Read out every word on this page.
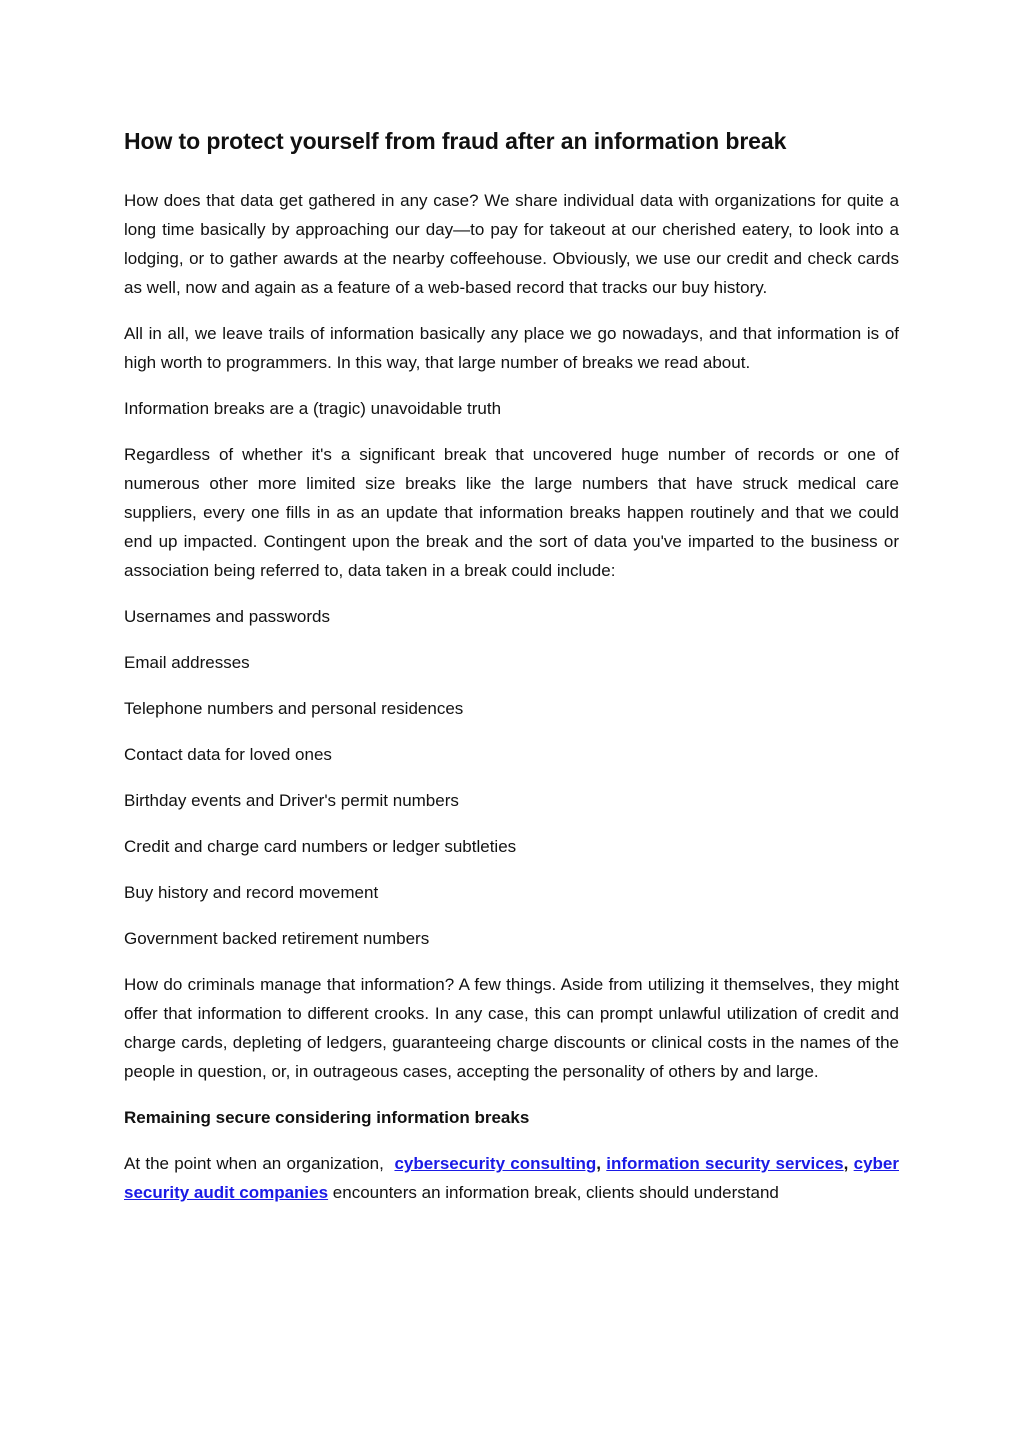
How to protect yourself from fraud after an information break

How does that data get gathered in any case? We share individual data with organizations for quite a long time basically by approaching our day—to pay for takeout at our cherished eatery, to look into a lodging, or to gather awards at the nearby coffeehouse. Obviously, we use our credit and check cards as well, now and again as a feature of a web-based record that tracks our buy history.

All in all, we leave trails of information basically any place we go nowadays, and that information is of high worth to programmers. In this way, that large number of breaks we read about.

Information breaks are a (tragic) unavoidable truth

Regardless of whether it's a significant break that uncovered huge number of records or one of numerous other more limited size breaks like the large numbers that have struck medical care suppliers, every one fills in as an update that information breaks happen routinely and that we could end up impacted. Contingent upon the break and the sort of data you've imparted to the business or association being referred to, data taken in a break could include:

Usernames and passwords

Email addresses

Telephone numbers and personal residences

Contact data for loved ones

Birthday events and Driver's permit numbers

Credit and charge card numbers or ledger subtleties

Buy history and record movement

Government backed retirement numbers

How do criminals manage that information? A few things. Aside from utilizing it themselves, they might offer that information to different crooks. In any case, this can prompt unlawful utilization of credit and charge cards, depleting of ledgers, guaranteeing charge discounts or clinical costs in the names of the people in question, or, in outrageous cases, accepting the personality of others by and large.

Remaining secure considering information breaks

At the point when an organization, cybersecurity consulting, information security services, cyber security audit companies encounters an information break, clients should understand
